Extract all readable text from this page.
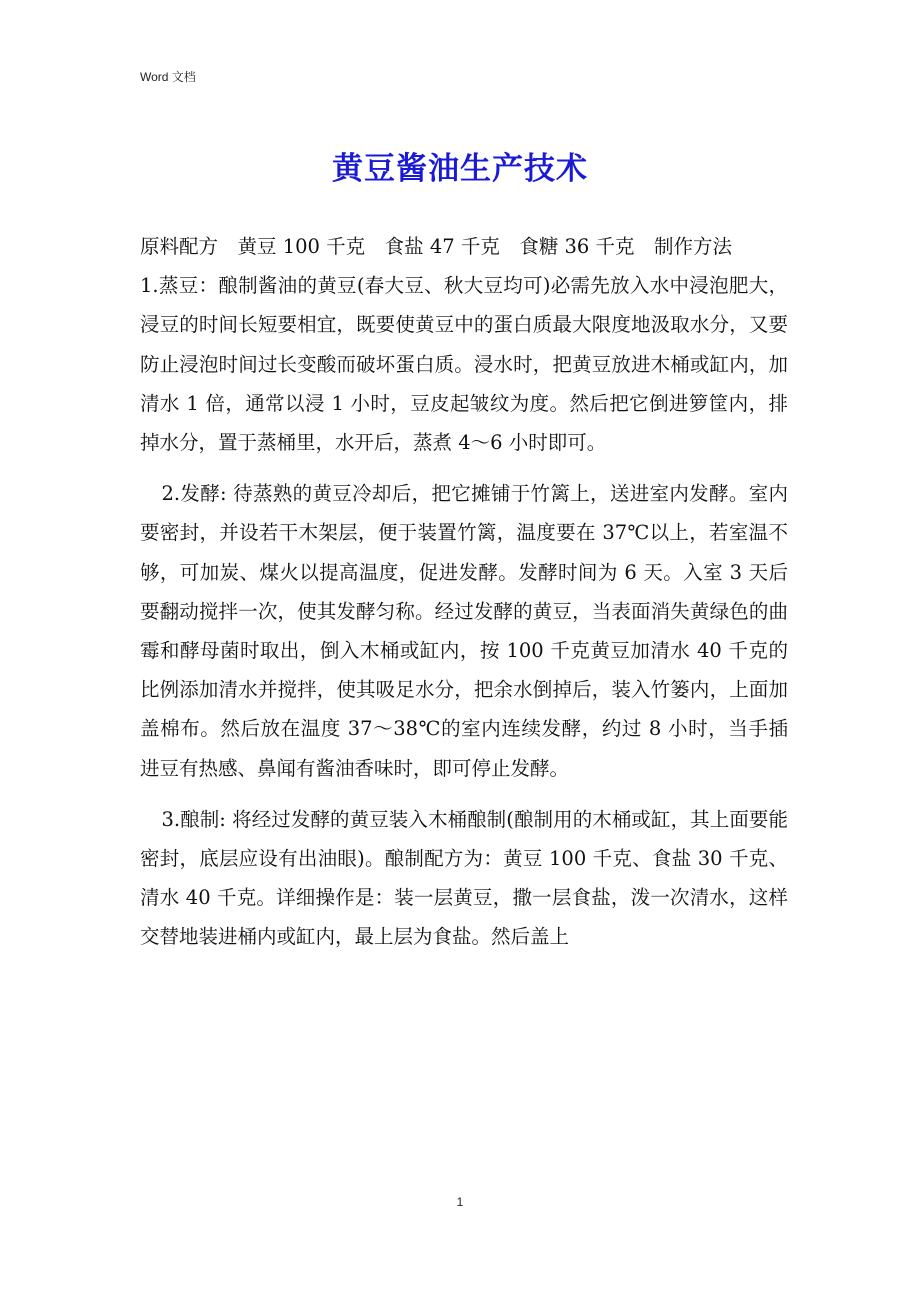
Word 文档
黄豆酱油生产技术

原料配方　黄豆 100 千克　食盐 47 千克　食糖 36 千克　制作方法

1.蒸豆：酿制酱油的黄豆(春大豆、秋大豆均可)必需先放入水中浸泡肥大，浸豆的时间长短要相宜，既要使黄豆中的蛋白质最大限度地汲取水分，又要防止浸泡时间过长变酸而破坏蛋白质。浸水时，把黄豆放进木桶或缸内，加清水 1 倍，通常以浸 1 小时，豆皮起皱纹为度。然后把它倒进箩筐内，排掉水分，置于蒸桶里，水开后，蒸煮 4～6 小时即可。

2.发酵: 待蒸熟的黄豆冷却后，把它摊铺于竹篱上，送进室内发酵。室内要密封，并设若干木架层，便于装置竹篱，温度要在 37℃以上，若室温不够，可加炭、煤火以提高温度，促进发酵。发酵时间为 6 天。入室 3 天后要翻动搅拌一次，使其发酵匀称。经过发酵的黄豆，当表面消失黄绿色的曲霉和酵母菌时取出，倒入木桶或缸内，按 100 千克黄豆加清水 40 千克的比例添加清水并搅拌，使其吸足水分，把余水倒掉后，装入竹篓内，上面加盖棉布。然后放在温度 37～38℃的室内连续发酵，约过 8 小时，当手插进豆有热感、鼻闻有酱油香味时，即可停止发酵。

3.酿制: 将经过发酵的黄豆装入木桶酿制(酿制用的木桶或缸，其上面要能密封，底层应设有出油眼)。酿制配方为：黄豆 100 千克、食盐 30 千克、清水 40 千克。详细操作是：装一层黄豆，撒一层食盐，泼一次清水，这样交替地装进桶内或缸内，最上层为食盐。然后盖上

1
